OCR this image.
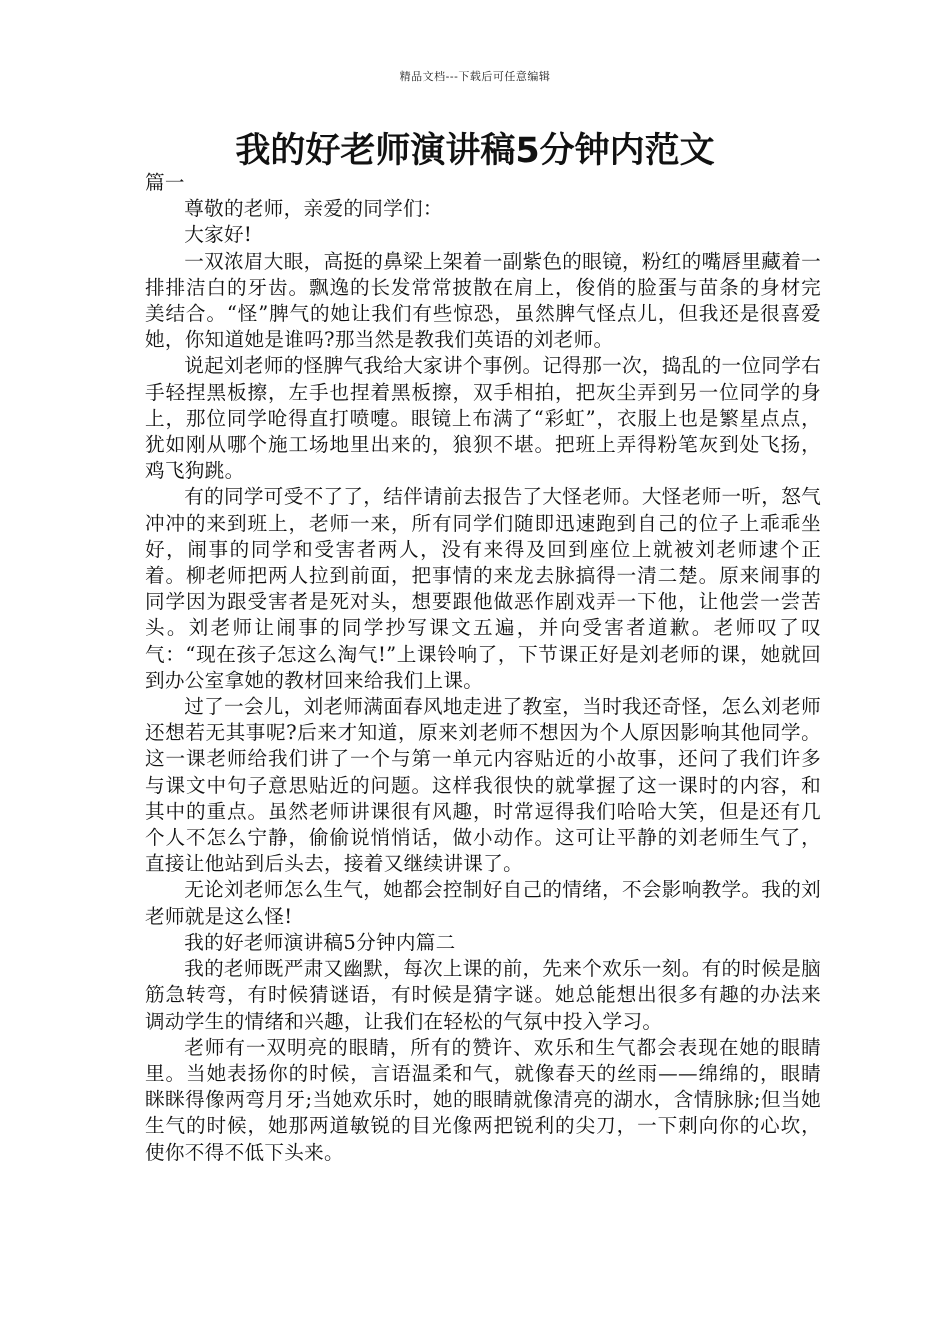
精品文档---下载后可任意编辑
我的好老师演讲稿5分钟内范文

篇一

尊敬的老师，亲爱的同学们：

大家好!

一双浓眉大眼，高挺的鼻梁上架着一副紫色的眼镜，粉红的嘴唇里藏着一排排洁白的牙齿。飘逸的长发常常披散在肩上，俊俏的脸蛋与苗条的身材完美结合。“怪”脾气的她让我们有些惊恐，虽然脾气怪点儿，但我还是很喜爱她，你知道她是谁吗?那当然是教我们英语的刘老师。

说起刘老师的怪脾气我给大家讲个事例。记得那一次，捣乱的一位同学右手轻捏黑板擦，左手也捏着黑板擦，双手相拍，把灰尘弄到另一位同学的身上，那位同学呛得直打喷嚏。眼镜上布满了“彩虹”，衣服上也是繁星点点，犹如刚从哪个施工场地里出来的，狼狈不堪。把班上弄得粉笔灰到处飞扬，鸡飞狗跳。

有的同学可受不了了，结伴请前去报告了大怪老师。大怪老师一听，怒气冲冲的来到班上，老师一来，所有同学们随即迅速跑到自己的位子上乖乖坐好，闹事的同学和受害者两人，没有来得及回到座位上就被刘老师逮个正着。柳老师把两人拉到前面，把事情的来龙去脉搞得一清二楚。原来闹事的同学因为跟受害者是死对头，想要跟他做恶作剧戏弄一下他，让他尝一尝苦头。刘老师让闹事的同学抄写课文五遍，并向受害者道歉。老师叹了叹气：“现在孩子怎这么淘气!”上课铃响了，下节课正好是刘老师的课，她就回到办公室拿她的教材回来给我们上课。

过了一会儿，刘老师满面春风地走进了教室，当时我还奇怪，怎么刘老师还想若无其事呢?后来才知道，原来刘老师不想因为个人原因影响其他同学。这一课老师给我们讲了一个与第一单元内容贴近的小故事，还问了我们许多与课文中句子意思贴近的问题。这样我很快的就掌握了这一课时的内容，和其中的重点。虽然老师讲课很有风趣，时常逗得我们哈哈大笑，但是还有几个人不怎么宁静，偷偷说悄悄话，做小动作。这可让平静的刘老师生气了，直接让他站到后头去，接着又继续讲课了。

无论刘老师怎么生气，她都会控制好自己的情绪，不会影响教学。我的刘老师就是这么怪!

我的好老师演讲稿5分钟内篇二

我的老师既严肃又幽默，每次上课的前，先来个欢乐一刻。有的时候是脑筋急转弯，有时候猜谜语，有时候是猜字谜。她总能想出很多有趣的办法来调动学生的情绪和兴趣，让我们在轻松的气氛中投入学习。

老师有一双明亮的眼睛，所有的赞许、欢乐和生气都会表现在她的眼睛里。当她表扬你的时候，言语温柔和气，就像春天的丝雨——绵绵的，眼睛眯眯得像两弯月牙;当她欢乐时，她的眼睛就像清亮的湖水，含情脉脉;但当她生气的时候，她那两道敏锐的目光像两把锐利的尖刀，一下刺向你的心坎，使你不得不低下头来。
